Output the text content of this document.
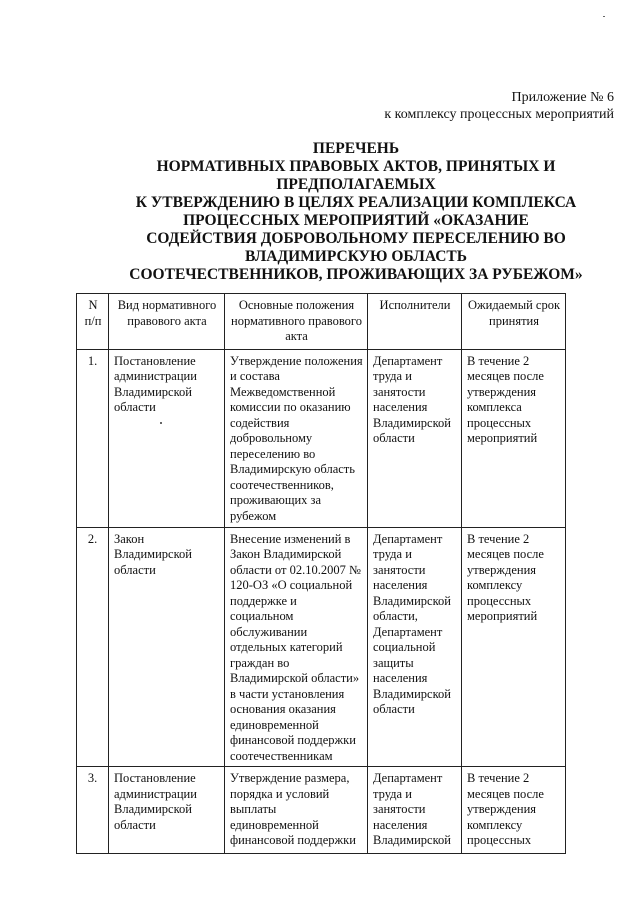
Приложение № 6
к комплексу процессных мероприятий
ПЕРЕЧЕНЬ
НОРМАТИВНЫХ ПРАВОВЫХ АКТОВ, ПРИНЯТЫХ И
ПРЕДПОЛАГАЕМЫХ
К УТВЕРЖДЕНИЮ В ЦЕЛЯХ РЕАЛИЗАЦИИ КОМПЛЕКСА
ПРОЦЕССНЫХ МЕРОПРИЯТИЙ «ОКАЗАНИЕ
СОДЕЙСТВИЯ ДОБРОВОЛЬНОМУ ПЕРЕСЕЛЕНИЮ ВО
ВЛАДИМИРСКУЮ ОБЛАСТЬ
СООТЕЧЕСТВЕННИКОВ, ПРОЖИВАЮЩИХ ЗА РУБЕЖОМ»
N п/п	Вид нормативного правового акта	Основные положения нормативного правового акта	Исполнители	Ожидаемый срок принятия
1.	Постановление администрации Владимирской области	Утверждение положения и состава Межведомственной комиссии по оказанию содействия добровольному переселению во Владимирскую область соотечественников, проживающих за рубежом	Департамент труда и занятости населения Владимирской области	В течение 2 месяцев после утверждения комплекса процессных мероприятий
2.	Закон Владимирской области	Внесение изменений в Закон Владимирской области от 02.10.2007 № 120-ОЗ «О социальной поддержке и социальном обслуживании отдельных категорий граждан во Владимирской области» в части установления основания оказания единовременной финансовой поддержки соотечественникам	Департамент труда и занятости населения Владимирской области, Департамент социальной защиты населения Владимирской области	В течение 2 месяцев после утверждения комплексу процессных мероприятий

3.	Постановление администрации Владимирской области	Утверждение размера, порядка и условий выплаты единовременной финансовой поддержки	Департамент труда и занятости населения Владимирской	В течение 2 месяцев после утверждения комплексу процессных
